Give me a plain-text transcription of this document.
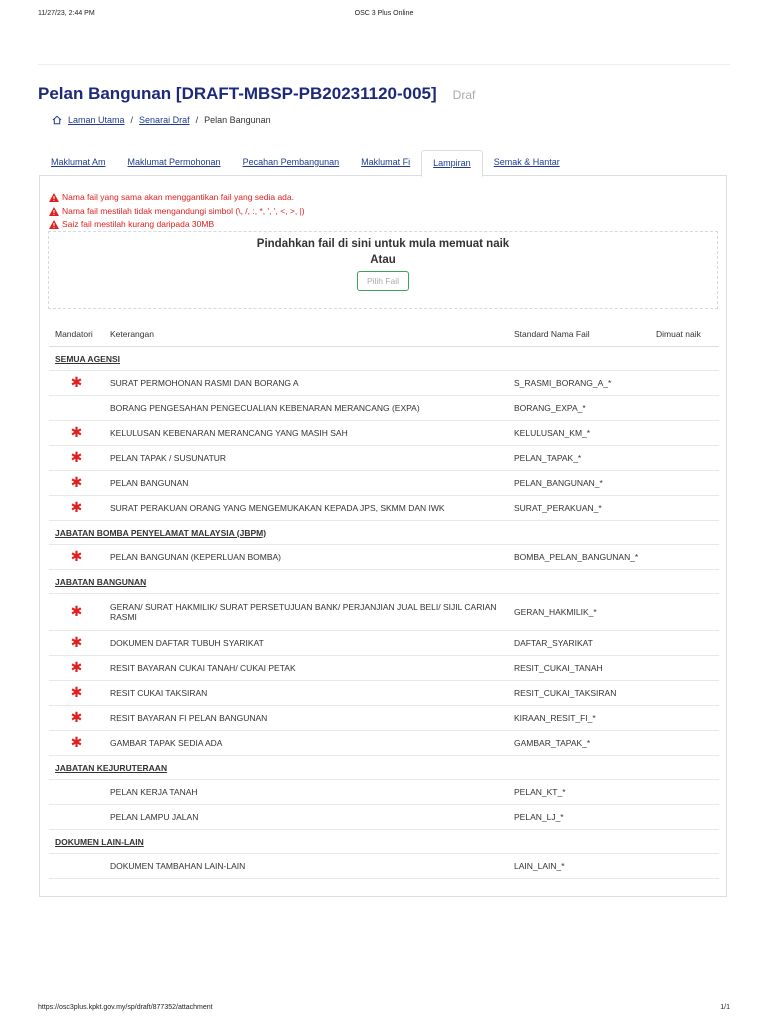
11/27/23, 2:44 PM	OSC 3 Plus Online
Pelan Bangunan [DRAFT-MBSP-PB20231120-005] Draf
Laman Utama / Senarai Draf / Pelan Bangunan
Maklumat Am	Maklumat Permohonan	Pecahan Pembangunan	Maklumat Fi	Lampiran	Semak & Hantar
Nama fail yang sama akan menggantikan fail yang sedia ada.
Nama fail mestilah tidak mengandungi simbol (\, /, :, *, ', ', <, >, |)
Saiz fail mestilah kurang daripada 30MB
Pindahkan fail di sini untuk mula memuat naik
Atau
Pilih Fail
Mandatori	Keterangan	Standard Nama Fail	Dimuat naik
SEMUA AGENSI
✱	SURAT PERMOHONAN RASMI DAN BORANG A	S_RASMI_BORANG_A_*
BORANG PENGESAHAN PENGECUALIAN KEBENARAN MERANCANG (EXPA)	BORANG_EXPA_*
✱	KELULUSAN KEBENARAN MERANCANG YANG MASIH SAH	KELULUSAN_KM_*
✱	PELAN TAPAK / SUSUNATUR	PELAN_TAPAK_*
✱	PELAN BANGUNAN	PELAN_BANGUNAN_*
✱	SURAT PERAKUAN ORANG YANG MENGEMUKAKAN KEPADA JPS, SKMM DAN IWK	SURAT_PERAKUAN_*
JABATAN BOMBA PENYELAMAT MALAYSIA (JBPM)
✱	PELAN BANGUNAN (KEPERLUAN BOMBA)	BOMBA_PELAN_BANGUNAN_*
JABATAN BANGUNAN
✱	GERAN/ SURAT HAKMILIK/ SURAT PERSETUJUAN BANK/ PERJANJIAN JUAL BELI/ SIJIL CARIAN RASMI	GERAN_HAKMILIK_*
✱	DOKUMEN DAFTAR TUBUH SYARIKAT	DAFTAR_SYARIKAT
✱	RESIT BAYARAN CUKAI TANAH/ CUKAI PETAK	RESIT_CUKAI_TANAH
✱	RESIT CUKAI TAKSIRAN	RESIT_CUKAI_TAKSIRAN
✱	RESIT BAYARAN FI PELAN BANGUNAN	KIRAAN_RESIT_FI_*
✱	GAMBAR TAPAK SEDIA ADA	GAMBAR_TAPAK_*
JABATAN KEJURUTERAAN
PELAN KERJA TANAH	PELAN_KT_*
PELAN LAMPU JALAN	PELAN_LJ_*
DOKUMEN LAIN-LAIN
DOKUMEN TAMBAHAN LAIN-LAIN	LAIN_LAIN_*
https://osc3plus.kpkt.gov.my/sp/draft/877352/attachment	1/1
